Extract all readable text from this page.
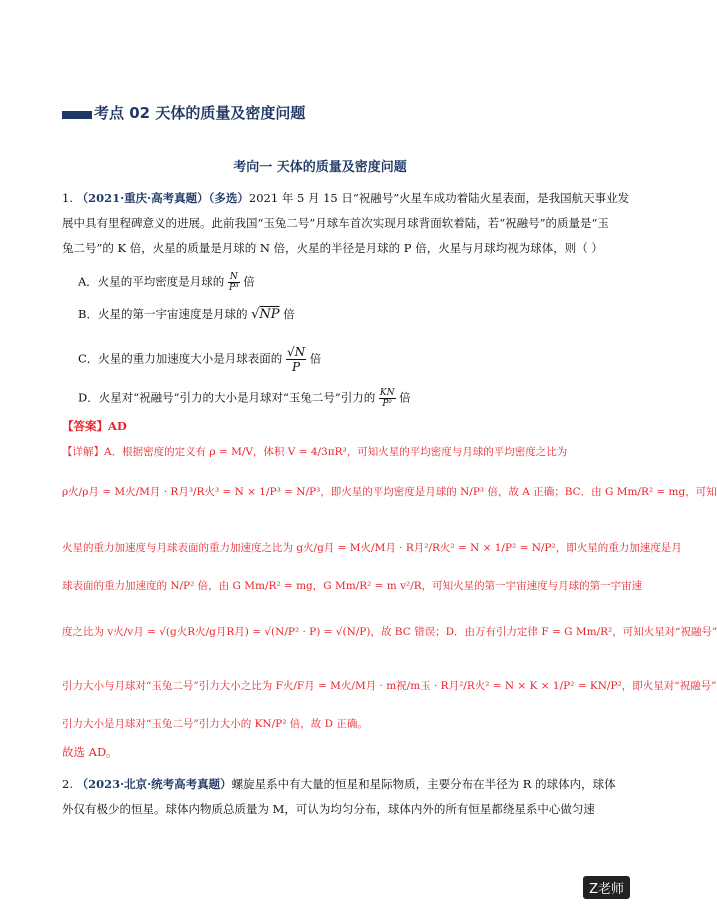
考点 02 天体的质量及密度问题
考向一 天体的质量及密度问题
1. （2021·重庆·高考真题）（多选）2021 年 5 月 15 日“祝融号”火星车成功着陆火星表面，是我国航天事业发
展中具有里程碑意义的进展。此前我国“玉兔二号”月球车首次实现月球背面软着陆，若“祝融号”的质量是“玉
兔二号”的 K 倍，火星的质量是月球的 N 倍，火星的半径是月球的 P 倍，火星与月球均视为球体，则（ ）
A．火星的平均密度是月球的 $\frac{N}{\text{P³}}$ 倍
B．火星的第一宇宙速度是月球的 √NP 倍
C．火星的重力加速度大小是月球表面的 $\frac{√N}{P}$ 倍
D．火星对“祝融号”引力的大小是月球对“玉兔二号”引力的 $\frac{KN}{\text{P²}}$ 倍
【答案】AD
【详解】A．根据密度的定义有 ρ = M/V，体积 V = 4/3πR³，可知火星的平均密度与月球的平均密度之比为
ρ火/ρ月 = M火/M月 · R月³/R火³ = N × 1/P³ = N/P³，即火星的平均密度是月球的 N/P³ 倍，故 A 正确；BC．由 G Mm/R² = mg，可知
火星的重力加速度与月球表面的重力加速度之比为 g火/g月 = M火/M月 · R月²/R火² = N × 1/P² = N/P²，即火星的重力加速度是月
球表面的重力加速度的 N/P² 倍，由 G Mm/R² = mg，G Mm/R² = m v²/R，可知火星的第一宇宙速度与月球的第一宇宙速
度之比为 v火/v月 = √(g火R火/g月R月) = √(N/P² · P) = √(N/P)，故 BC 错误；D．由万有引力定律 F = G Mm/R²，可知火星对“祝融号”
引力大小与月球对“玉兔二号”引力大小之比为 F火/F月 = M火/M月 · m祝/m玉 · R月²/R火² = N × K × 1/P² = KN/P²，即火星对“祝融号”
引力大小是月球对“玉兔二号”引力大小的 KN/P² 倍，故 D 正确。
故选 AD。
2. （2023·北京·统考高考真题）螺旋星系中有大量的恒星和星际物质，主要分布在半径为 R 的球体内，球体
外仅有极少的恒星。球体内物质总质量为 M，可认为均匀分布，球体内外的所有恒星都绕星系中心做匀速
Z老师
